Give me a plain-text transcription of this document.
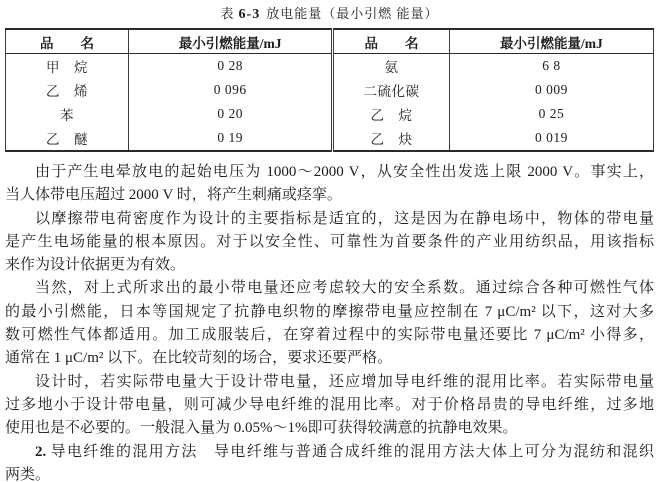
表 6-3 放电能量（最小引燃 能量）
品　　名	最小引燃能量/mJ	品　　名	最小引燃能量/mJ
甲　烷	0 28	氨	6 8
乙　烯	0 096	二硫化碳	0 009
苯	0 20	乙　烷	0 25
乙　醚	0 19	乙　炔	0 019
由于产生电晕放电的起始电压为 1000～2000 V，从安全性出发选上限 2000 V。事实上，
当人体带电压超过 2000 V 时，将产生刺痛或痉挛。
以摩擦带电荷密度作为设计的主要指标是适宜的，这是因为在静电场中，物体的带电量
是产生电场能量的根本原因。对于以安全性、可靠性为首要条件的产业用纺织品，用该指标
来作为设计依据更为有效。
当然，对上式所求出的最小带电量还应考虑较大的安全系数。通过综合各种可燃性气体
的最小引燃能，日本等国规定了抗静电织物的摩擦带电量应控制在 7 μC/m² 以下，这对大多
数可燃性气体都适用。加工成服装后，在穿着过程中的实际带电量还要比 7 μC/m² 小得多，
通常在 1 μC/m² 以下。在比较苛刻的场合，要求还要严格。
设计时，若实际带电量大于设计带电量，还应增加导电纤维的混用比率。若实际带电量
过多地小于设计带电量，则可减少导电纤维的混用比率。对于价格昂贵的导电纤维，过多地
使用也是不必要的。一般混入量为 0.05%～1%即可获得较满意的抗静电效果。
2. 导电纤维的混用方法　导电纤维与普通合成纤维的混用方法大体上可分为混纺和混织
两类。
